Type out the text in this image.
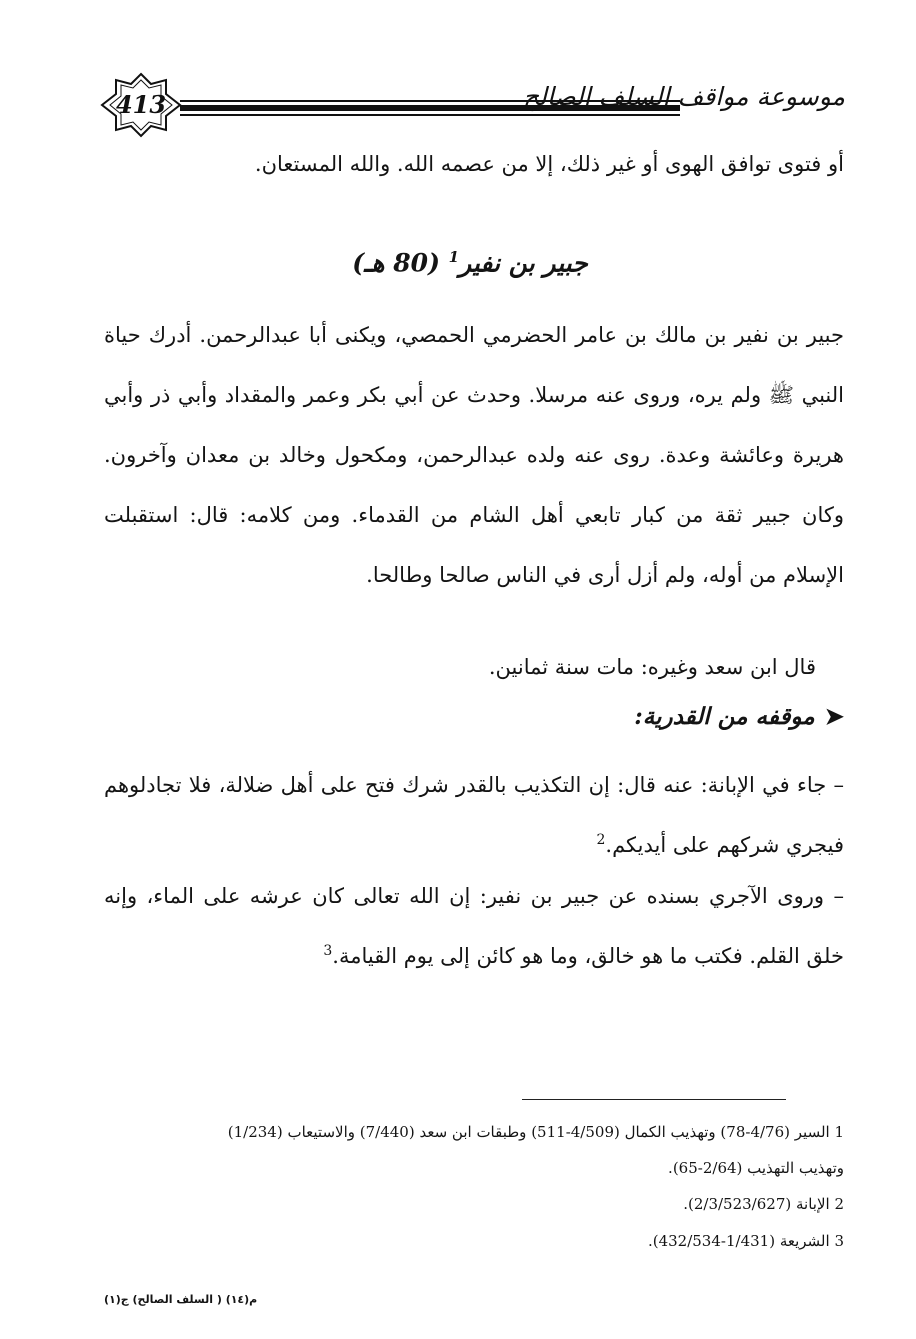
413	موسوعة مواقف السلف الصالح
أو فتوى توافق الهوى أو غير ذلك، إلا من عصمه الله. والله المستعان.
جبير بن نفير$^1$ (80 هـ)
جبير بن نفير بن مالك بن عامر الحضرمي الحمصي، ويكنى أبا عبدالرحمن. أدرك حياة النبي ﷺ ولم يره، وروى عنه مرسلا. وحدث عن أبي بكر وعمر والمقداد وأبي ذر وأبي هريرة وعائشة وعدة. روى عنه ولده عبدالرحمن، ومكحول وخالد بن معدان وآخرون. وكان جبير ثقة من كبار تابعي أهل الشام من القدماء. ومن كلامه: قال: استقبلت الإسلام من أوله، ولم أزل أرى في الناس صالحا وطالحا.
قال ابن سعد وغيره: مات سنة ثمانين.
➤موقفه من القدرية:
– جاء في الإبانة: عنه قال: إن التكذيب بالقدر شرك فتح على أهل ضلالة، فلا تجادلوهم فيجري شركهم على أيديكم.$^2$
– وروى الآجري بسنده عن جبير بن نفير: إن الله تعالى كان عرشه على الماء، وإنه خلق القلم. فكتب ما هو خالق، وما هو كائن إلى يوم القيامة.$^3$
1 السير (4/76-78) وتهذيب الكمال (4/509-511) وطبقات ابن سعد (7/440) والاستيعاب (1/234)
وتهذيب التهذيب (2/64-65).
2 الإبانة (2/3/523/627).
3 الشريعة (1/431-432/534).
م(١٤) ( السلف الصالح) ج(١)
